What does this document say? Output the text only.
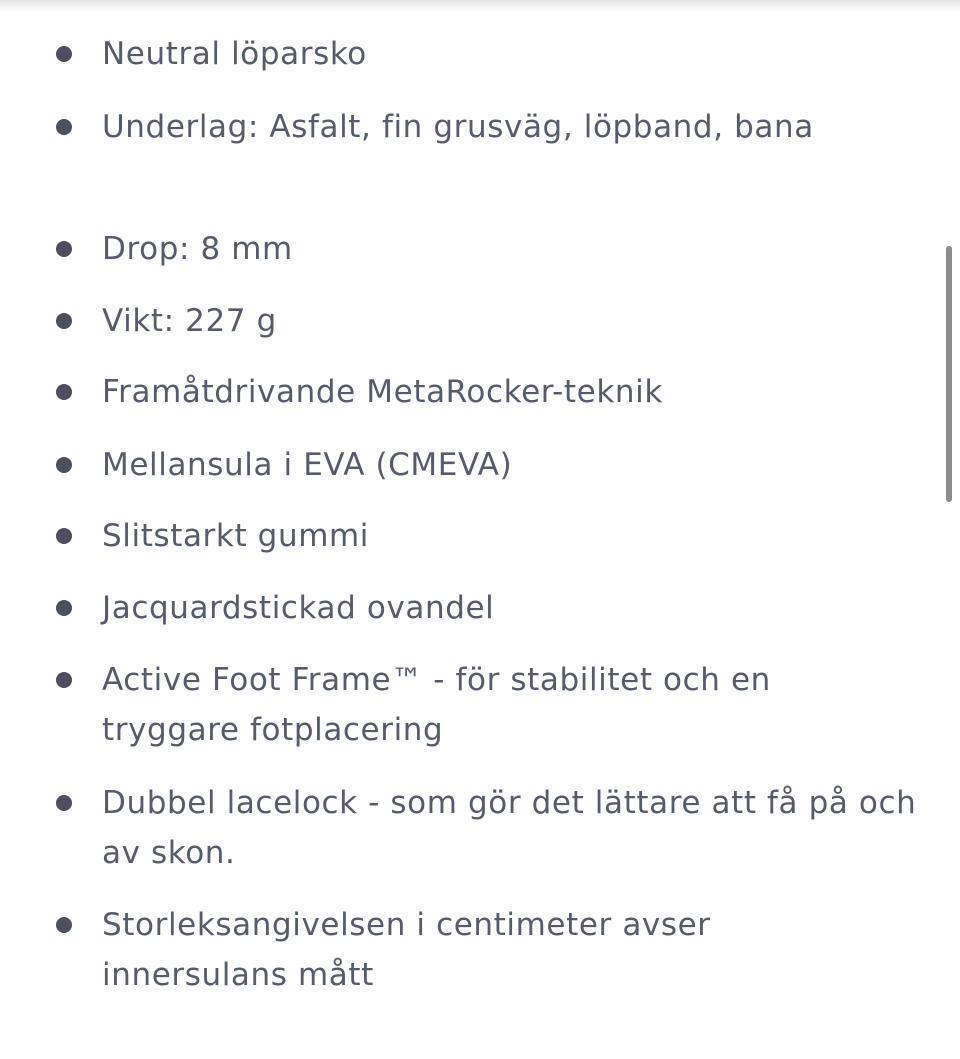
Neutral löparsko
Underlag: Asfalt, fin grusväg, löpband, bana
Drop: 8 mm
Vikt: 227 g
Framåtdrivande MetaRocker-teknik
Mellansula i EVA (CMEVA)
Slitstarkt gummi
Jacquardstickad ovandel
Active Foot Frame™ - för stabilitet och en tryggare fotplacering
Dubbel lacelock - som gör det lättare att få på och av skon.
Storleksangivelsen i centimeter avser innersulans mått
